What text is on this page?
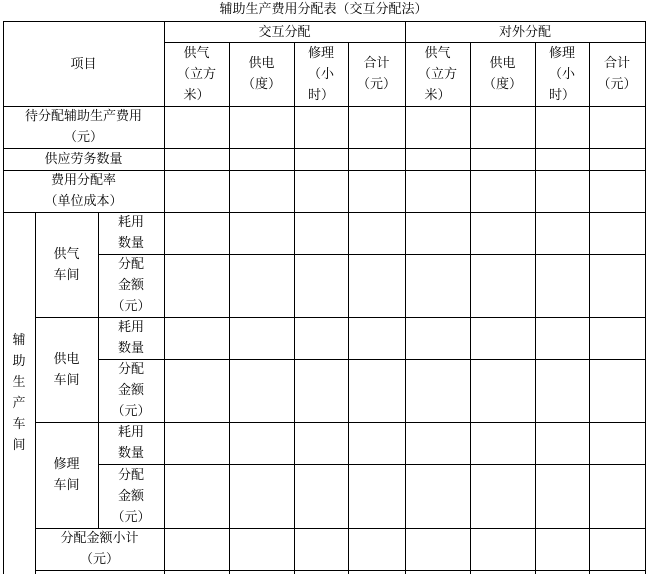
辅助生产费用分配表（交互分配法）
项目
交互分配	对外分配
供气
（立方
米）
供电
（度）
修理
（小
时）
合计
（元）
供气
（立方
米）
供电
（度）
修理
（小
时）
合计
（元）
待分配辅助生产费用
（元）
供应劳务数量
费用分配率
（单位成本）
辅
助
生
产
车
间
供气
车间
供电
车间
修理
车间
耗用
数量
分配
金额
（元）
耗用
数量
分配
金额
（元）
耗用
数量
分配
金额
（元）
分配金额小计
（元）
